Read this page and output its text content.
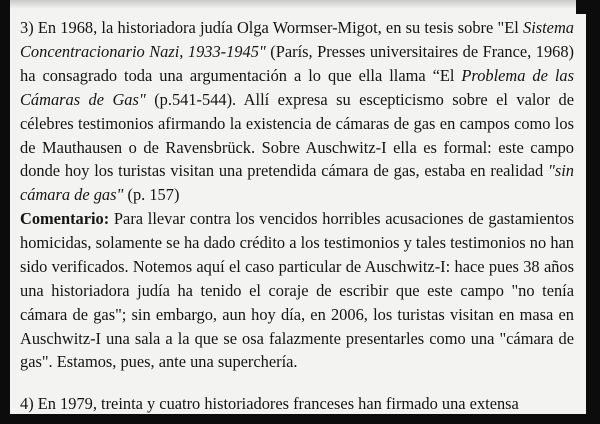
3) En 1968, la historiadora judía Olga Wormser-Migot, en su tesis sobre "El Sistema Concentracionario Nazi, 1933-1945" (París, Presses universitaires de France, 1968) ha consagrado toda una argumentación a lo que ella llama “El Problema de las Cámaras de Gas" (p.541-544). Allí expresa su escepticismo sobre el valor de célebres testimonios afirmando la existencia de cámaras de gas en campos como los de Mauthausen o de Ravensbrück. Sobre Auschwitz-I ella es formal: este campo donde hoy los turistas visitan una pretendida cámara de gas, estaba en realidad "sin cámara de gas" (p. 157)

Comentario: Para llevar contra los vencidos horribles acusaciones de gastamientos homicidas, solamente se ha dado crédito a los testimonios y tales testimonios no han sido verificados. Notemos aquí el caso particular de Auschwitz-I: hace pues 38 años una historiadora judía ha tenido el coraje de escribir que este campo "no tenía cámara de gas"; sin embargo, aun hoy día, en 2006, los turistas visitan en masa en Auschwitz-I una sala a la que se osa falazmente presentarles como una "cámara de gas". Estamos, pues, ante una superchería.

4) En 1979, treinta y cuatro historiadores franceses han firmado una extensa
